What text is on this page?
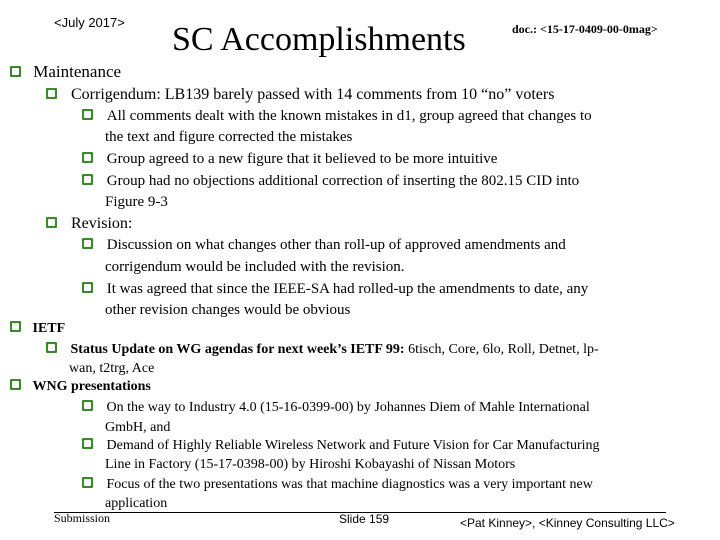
<July 2017> SC Accomplishments	doc.: <15-17-0409-00-0mag>
Maintenance
Corrigendum: LB139 barely passed with 14 comments from 10 “no” voters
All comments dealt with the known mistakes in d1, group agreed that changes to
the text and figure corrected the mistakes
Group agreed to a new figure that it believed to be more intuitive
Group had no objections additional correction of inserting the 802.15 CID into
Figure 9-3
Revision:
Discussion on what changes other than roll-up of approved amendments and
corrigendum would be included with the revision.
It was agreed that since the IEEE-SA had rolled-up the amendments to date, any
other revision changes would be obvious
IETF
Status Update on WG agendas for next week’s IETF 99: 6tisch, Core, 6lo, Roll, Detnet, lp-
wan, t2trg, Ace
WNG presentations
On the way to Industry 4.0 (15-16-0399-00) by Johannes Diem of Mahle International
GmbH, and
Demand of Highly Reliable Wireless Network and Future Vision for Car Manufacturing
Line in Factory (15-17-0398-00) by Hiroshi Kobayashi of Nissan Motors
Focus of the two presentations was that machine diagnostics was a very important new
application
Submission	Slide 159	<Pat Kinney>, <Kinney Consulting LLC>
